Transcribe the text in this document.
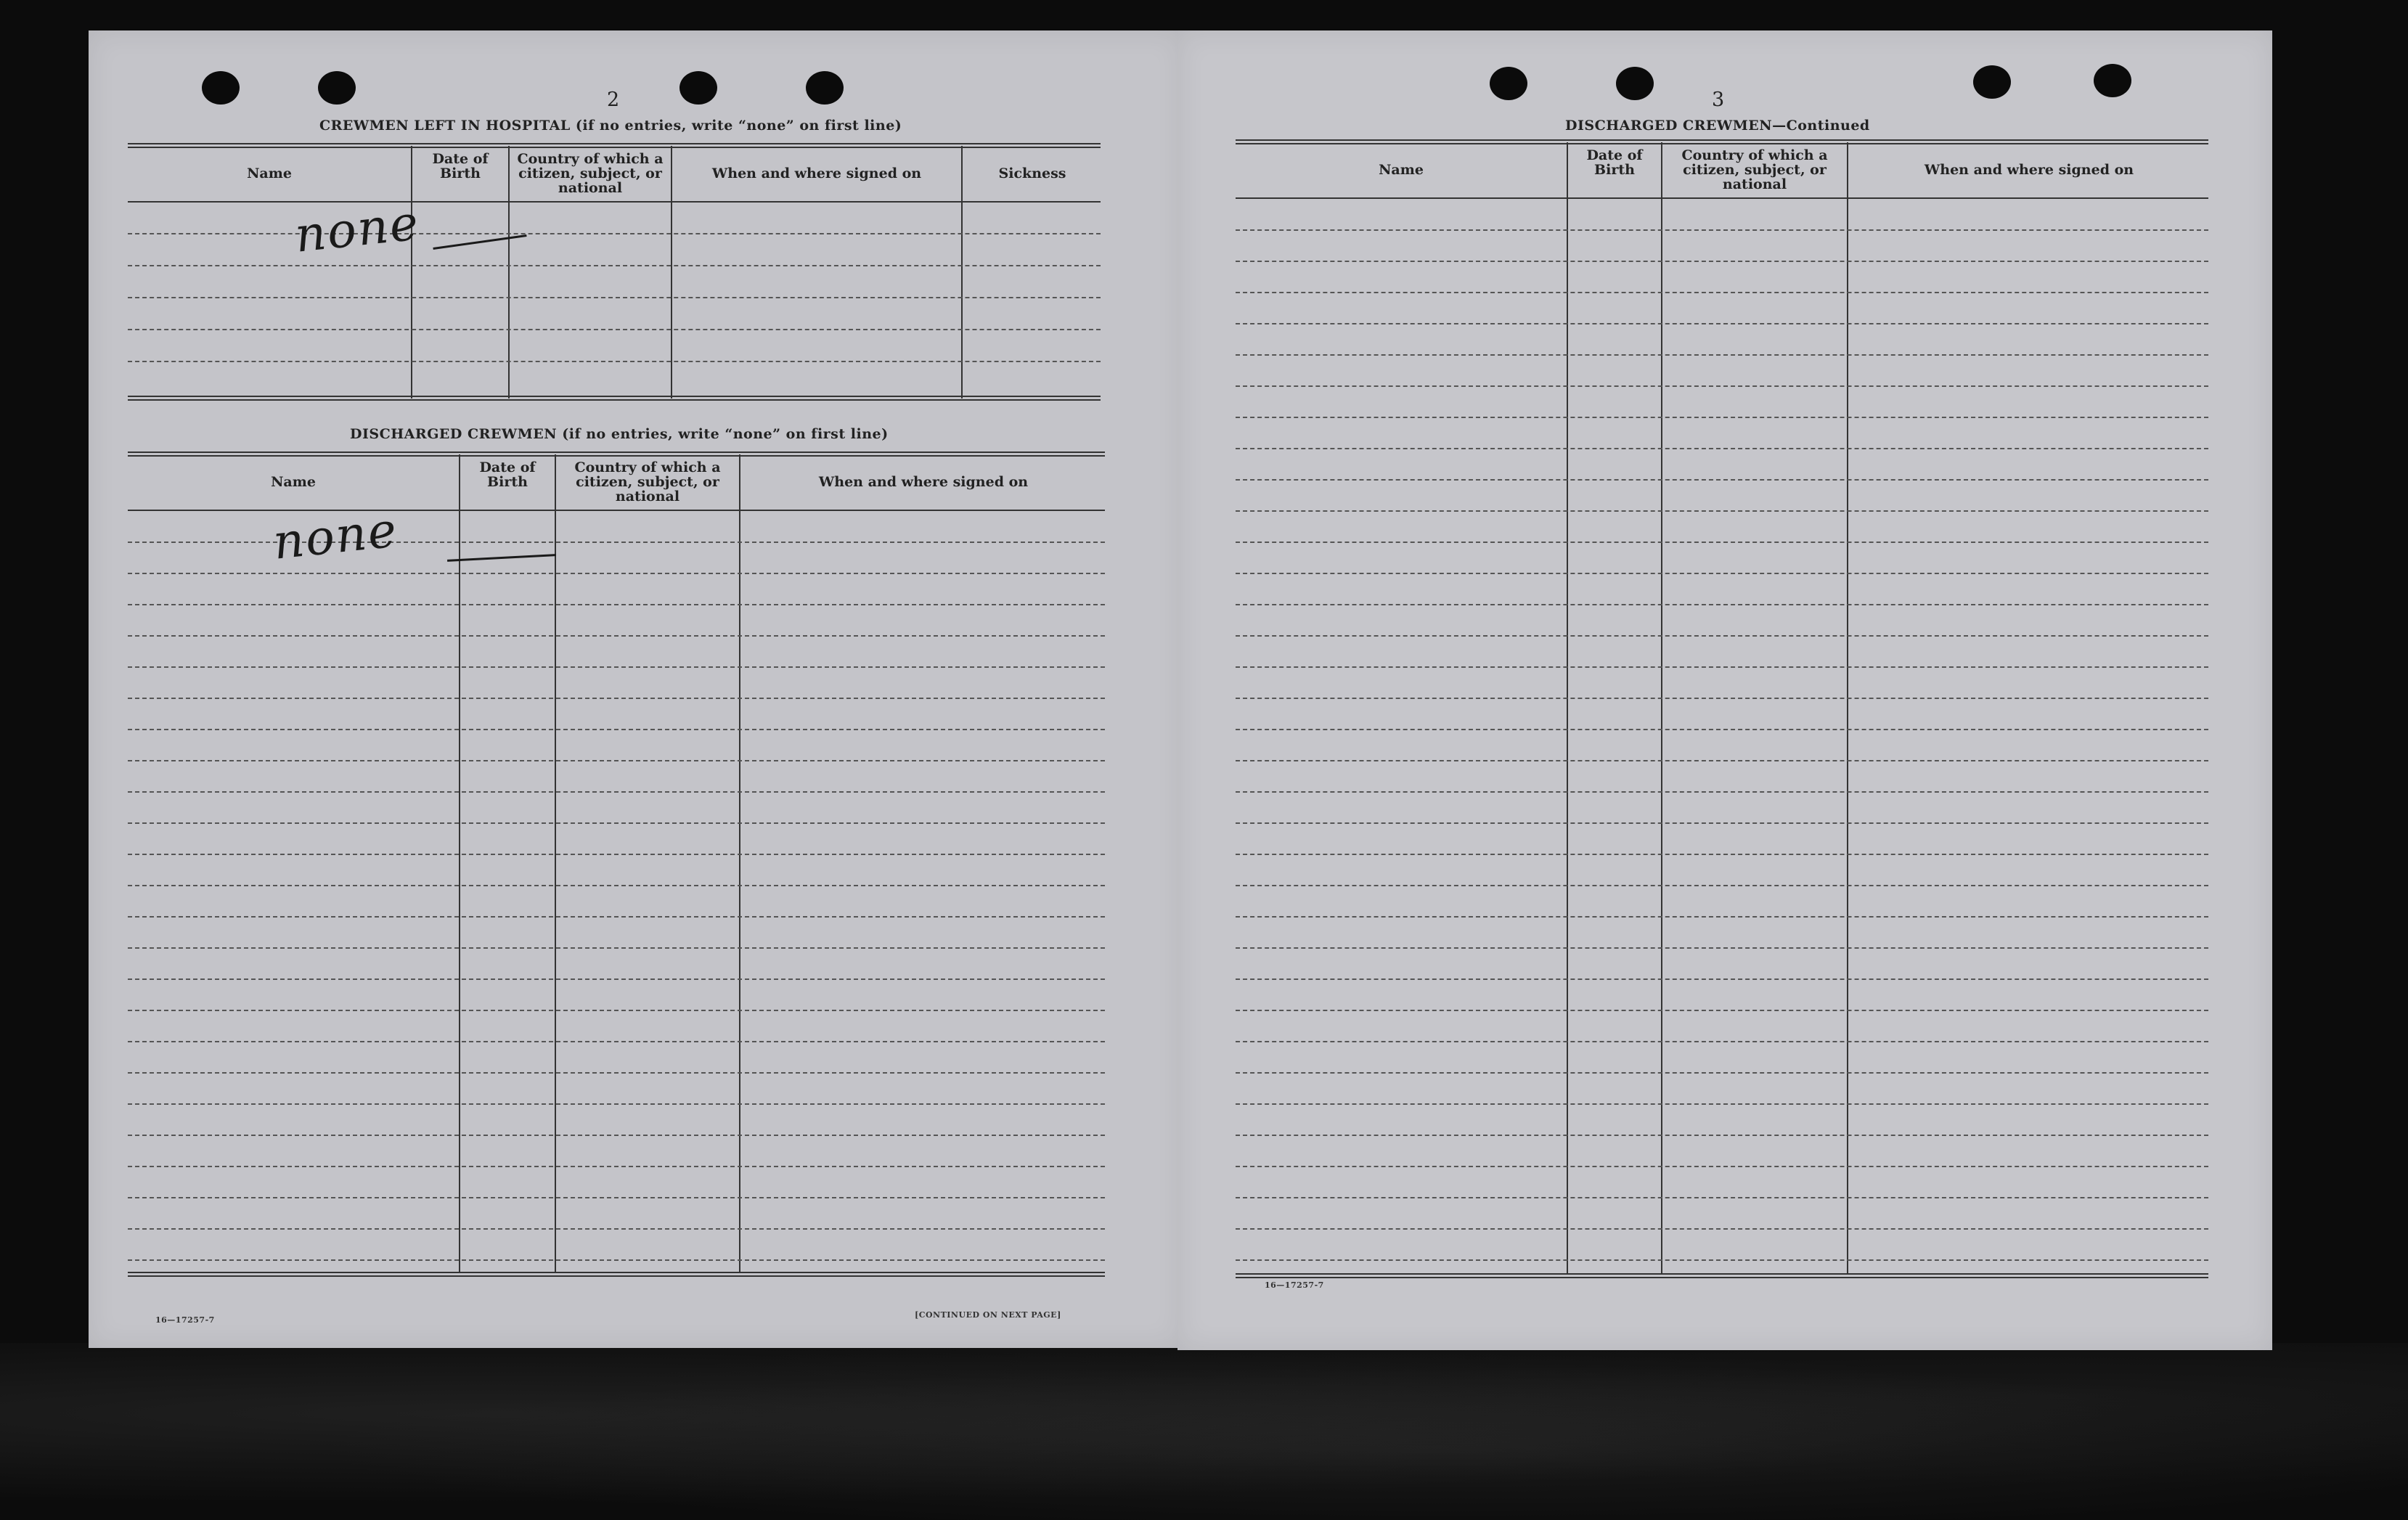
2
CREWMEN LEFT IN HOSPITAL (if no entries, write “none” on first line)
Name
Date of Birth
Country of which a citizen, subject, or national
When and where signed on	Sickness
none
DISCHARGED CREWMEN (if no entries, write “none” on first line)
Name
Date of Birth
Country of which a citizen, subject, or national
When and where signed on
none
16—17257-7
[CONTINUED ON NEXT PAGE]
3
DISCHARGED CREWMEN—Continued
Name
Date of Birth
Country of which a citizen, subject, or national
When and where signed on
16—17257-7
